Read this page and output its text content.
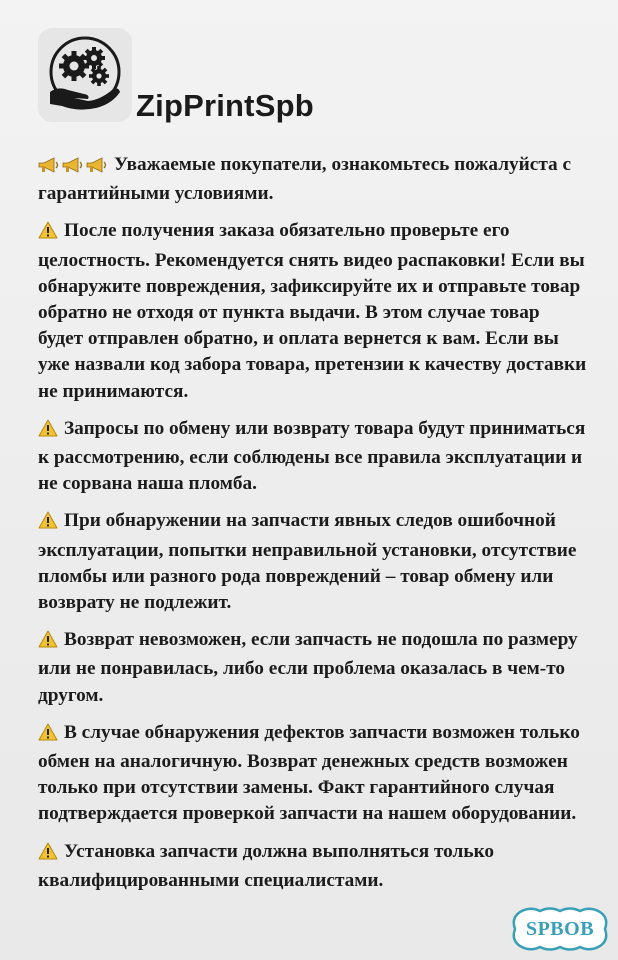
ZipPrintSpb

Уважаемые покупатели, ознакомьтесь пожалуйста с гарантийными условиями.

После получения заказа обязательно проверьте его целостность. Рекомендуется снять видео распаковки! Если вы обнаружите повреждения, зафиксируйте их и отправьте товар обратно не отходя от пункта выдачи. В этом случае товар будет отправлен обратно, и оплата вернется к вам. Если вы уже назвали код забора товара, претензии к качеству доставки не принимаются.

Запросы по обмену или возврату товара будут приниматься к рассмотрению, если соблюдены все правила эксплуатации и не сорвана наша пломба.

При обнаружении на запчасти явных следов ошибочной эксплуатации, попытки неправильной установки, отсутствие пломбы или разного рода повреждений – товар обмену или возврату не подлежит.

Возврат невозможен, если запчасть не подошла по размеру или не понравилась, либо если проблема оказалась в чем-то другом.

В случае обнаружения дефектов запчасти возможен только обмен на аналогичную. Возврат денежных средств возможен только при отсутствии замены. Факт гарантийного случая подтверждается проверкой запчасти на нашем оборудовании.

Установка запчасти должна выполняться только квалифицированными специалистами.

SPBOB
